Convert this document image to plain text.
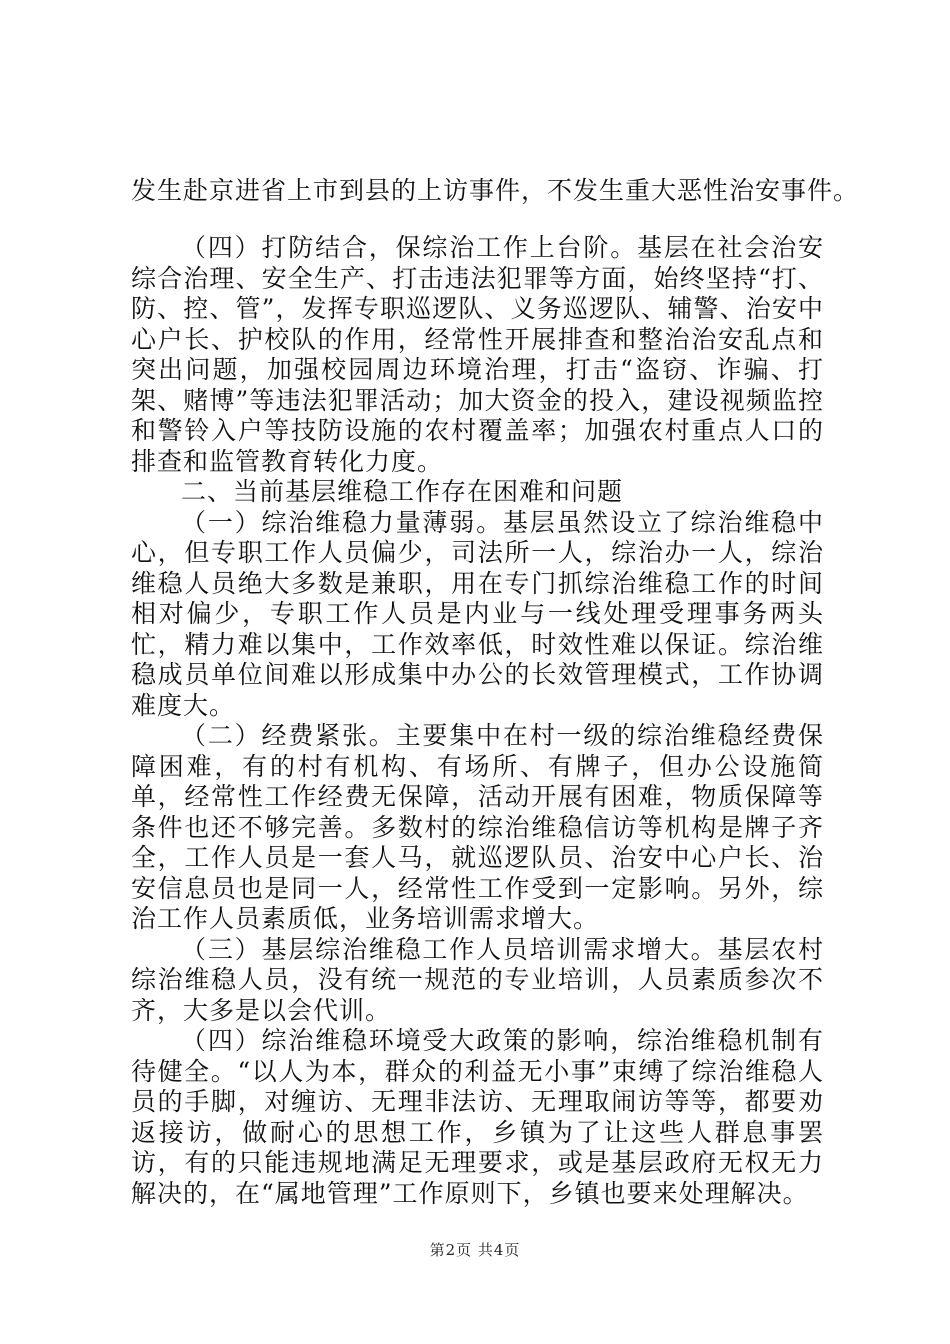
发生赴京进省上市到县的上访事件，不发生重大恶性治安事件。

（四）打防结合，保综治工作上台阶。基层在社会治安综合治理、安全生产、打击违法犯罪等方面，始终坚持“打、防、控、管”，发挥专职巡逻队、义务巡逻队、辅警、治安中心户长、护校队的作用，经常性开展排查和整治治安乱点和突出问题，加强校园周边环境治理，打击“盗窃、诈骗、打架、赌博”等违法犯罪活动；加大资金的投入，建设视频监控和警铃入户等技防设施的农村覆盖率；加强农村重点人口的排查和监管教育转化力度。

二、当前基层维稳工作存在困难和问题

（一）综治维稳力量薄弱。基层虽然设立了综治维稳中心，但专职工作人员偏少，司法所一人，综治办一人，综治维稳人员绝大多数是兼职，用在专门抓综治维稳工作的时间相对偏少，专职工作人员是内业与一线处理受理事务两头忙，精力难以集中，工作效率低，时效性难以保证。综治维稳成员单位间难以形成集中办公的长效管理模式，工作协调难度大。

（二）经费紧张。主要集中在村一级的综治维稳经费保障困难，有的村有机构、有场所、有牌子，但办公设施简单，经常性工作经费无保障，活动开展有困难，物质保障等条件也还不够完善。多数村的综治维稳信访等机构是牌子齐全，工作人员是一套人马，就巡逻队员、治安中心户长、治安信息员也是同一人，经常性工作受到一定影响。另外，综治工作人员素质低，业务培训需求增大。

（三）基层综治维稳工作人员培训需求增大。基层农村综治维稳人员，没有统一规范的专业培训，人员素质参次不齐，大多是以会代训。

（四）综治维稳环境受大政策的影响，综治维稳机制有待健全。“以人为本，群众的利益无小事”束缚了综治维稳人员的手脚，对缠访、无理非法访、无理取闹访等等，都要劝返接访，做耐心的思想工作，乡镇为了让这些人群息事罢访，有的只能违规地满足无理要求，或是基层政府无权无力解决的，在“属地管理”工作原则下，乡镇也要来处理解决。

第2页 共4页
